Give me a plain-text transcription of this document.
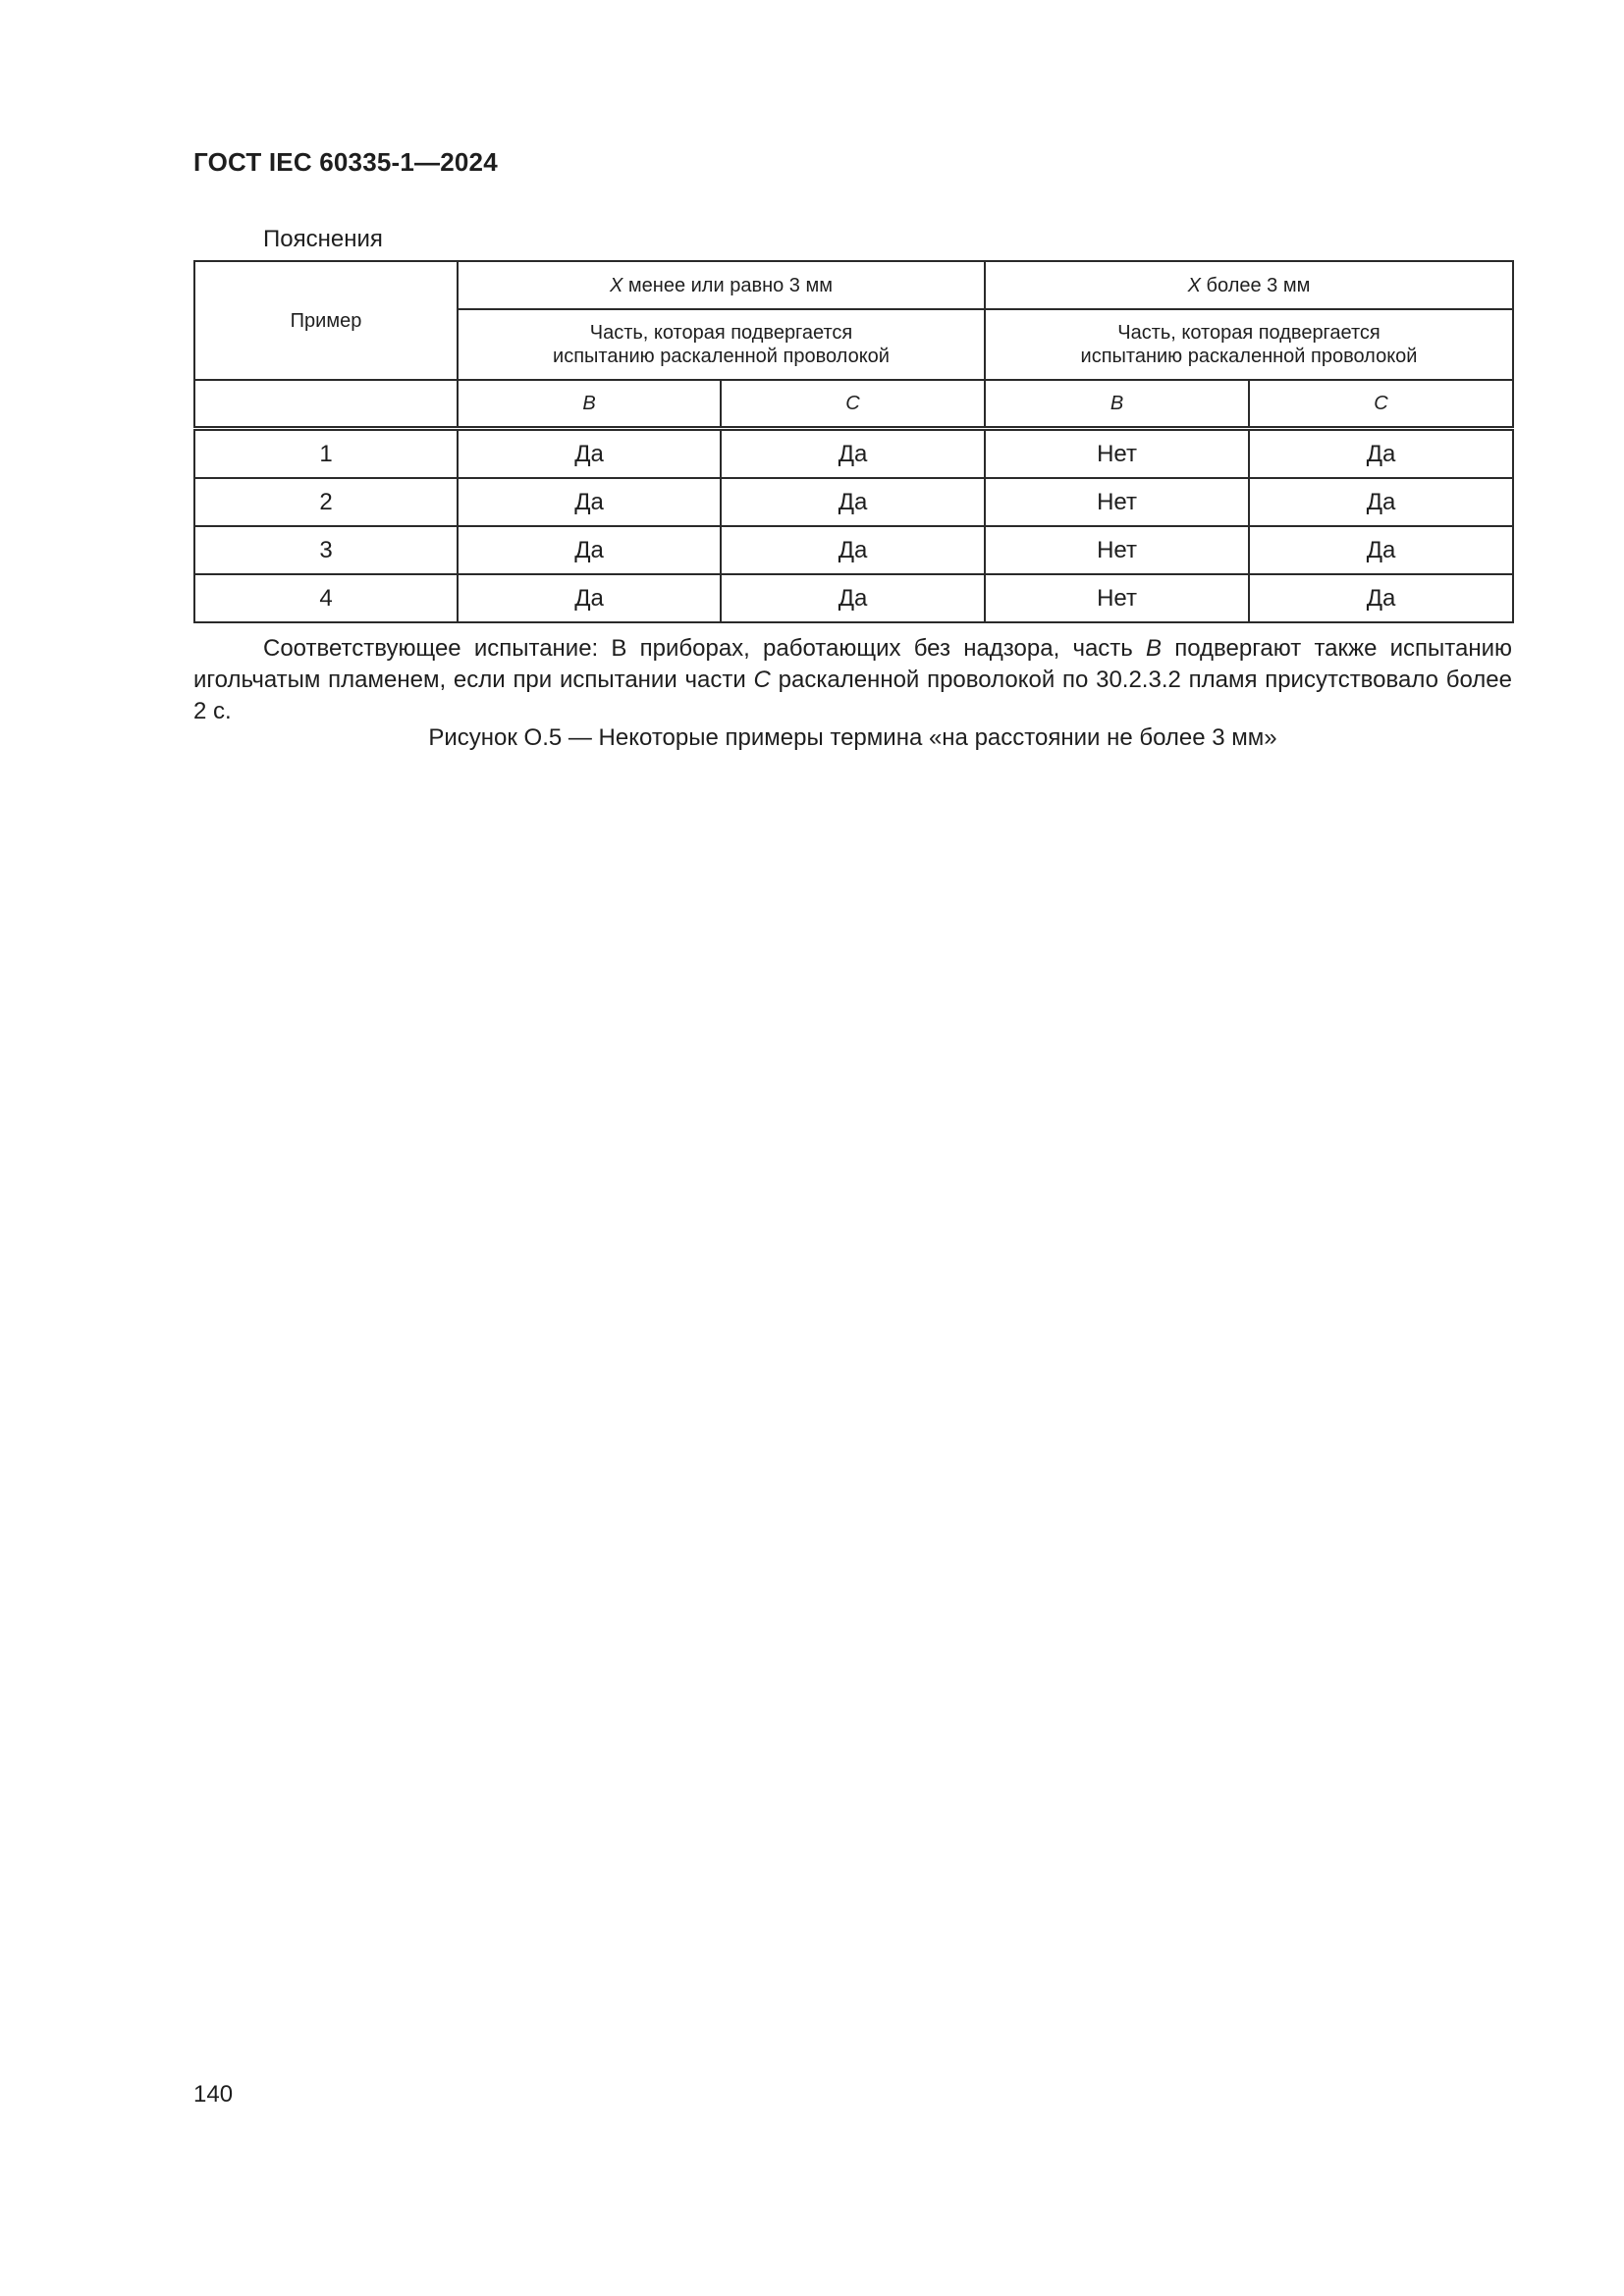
ГОСТ IEC 60335-1—2024
Пояснения
Пример	X менее или равно 3 мм		X более 3 мм	

	Часть, которая подвергается испытанию раскаленной проволокой		Часть, которая подвергается испытанию раскаленной проволокой	

	B	C	B	C
1	Да	Да	Нет	Да
2	Да	Да	Нет	Да
3	Да	Да	Нет	Да
4	Да	Да	Нет	Да
Соответствующее испытание: В приборах, работающих без надзора, часть B подвергают также испытанию игольчатым пламенем, если при испытании части C раскаленной проволокой по 30.2.3.2 пламя присутствовало более 2 с.
Рисунок О.5 — Некоторые примеры термина «на расстоянии не более 3 мм»
140
